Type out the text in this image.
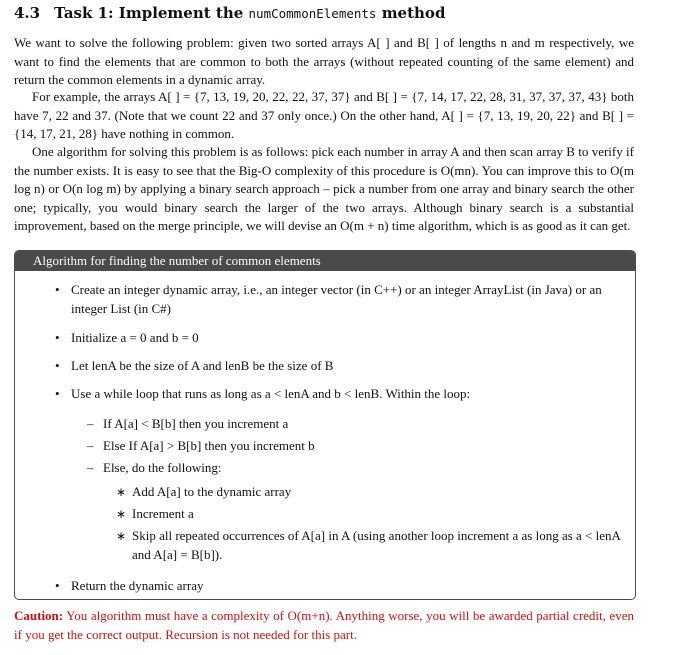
4.3 Task 1: Implement the numCommonElements method

We want to solve the following problem: given two sorted arrays A[ ] and B[ ] of lengths n and m respectively, we want to find the elements that are common to both the arrays (without repeated counting of the same element) and return the common elements in a dynamic array.

For example, the arrays A[ ] = {7, 13, 19, 20, 22, 22, 37, 37} and B[ ] = {7, 14, 17, 22, 28, 31, 37, 37, 37, 43} both have 7, 22 and 37. (Note that we count 22 and 37 only once.) On the other hand, A[ ] = {7, 13, 19, 20, 22} and B[ ] = {14, 17, 21, 28} have nothing in common.

One algorithm for solving this problem is as follows: pick each number in array A and then scan array B to verify if the number exists. It is easy to see that the Big-O complexity of this procedure is O(mn). You can improve this to O(m log n) or O(n log m) by applying a binary search approach – pick a number from one array and binary search the other one; typically, you would binary search the larger of the two arrays. Although binary search is a substantial improvement, based on the merge principle, we will devise an O(m + n) time algorithm, which is as good as it can get.

Algorithm for finding the number of common elements
• Create an integer dynamic array, i.e., an integer vector (in C++) or an integer ArrayList (in Java) or an integer List (in C#)
• Initialize a = 0 and b = 0
• Let lenA be the size of A and lenB be the size of B
• Use a while loop that runs as long as a < lenA and b < lenB. Within the loop:
– If A[a] < B[b] then you increment a
– Else If A[a] > B[b] then you increment b
– Else, do the following:
∗ Add A[a] to the dynamic array
∗ Increment a
∗ Skip all repeated occurrences of A[a] in A (using another loop increment a as long as a < lenA and A[a] = B[b]).
• Return the dynamic array
Caution: You algorithm must have a complexity of O(m+n). Anything worse, you will be awarded partial credit, even if you get the correct output. Recursion is not needed for this part.
